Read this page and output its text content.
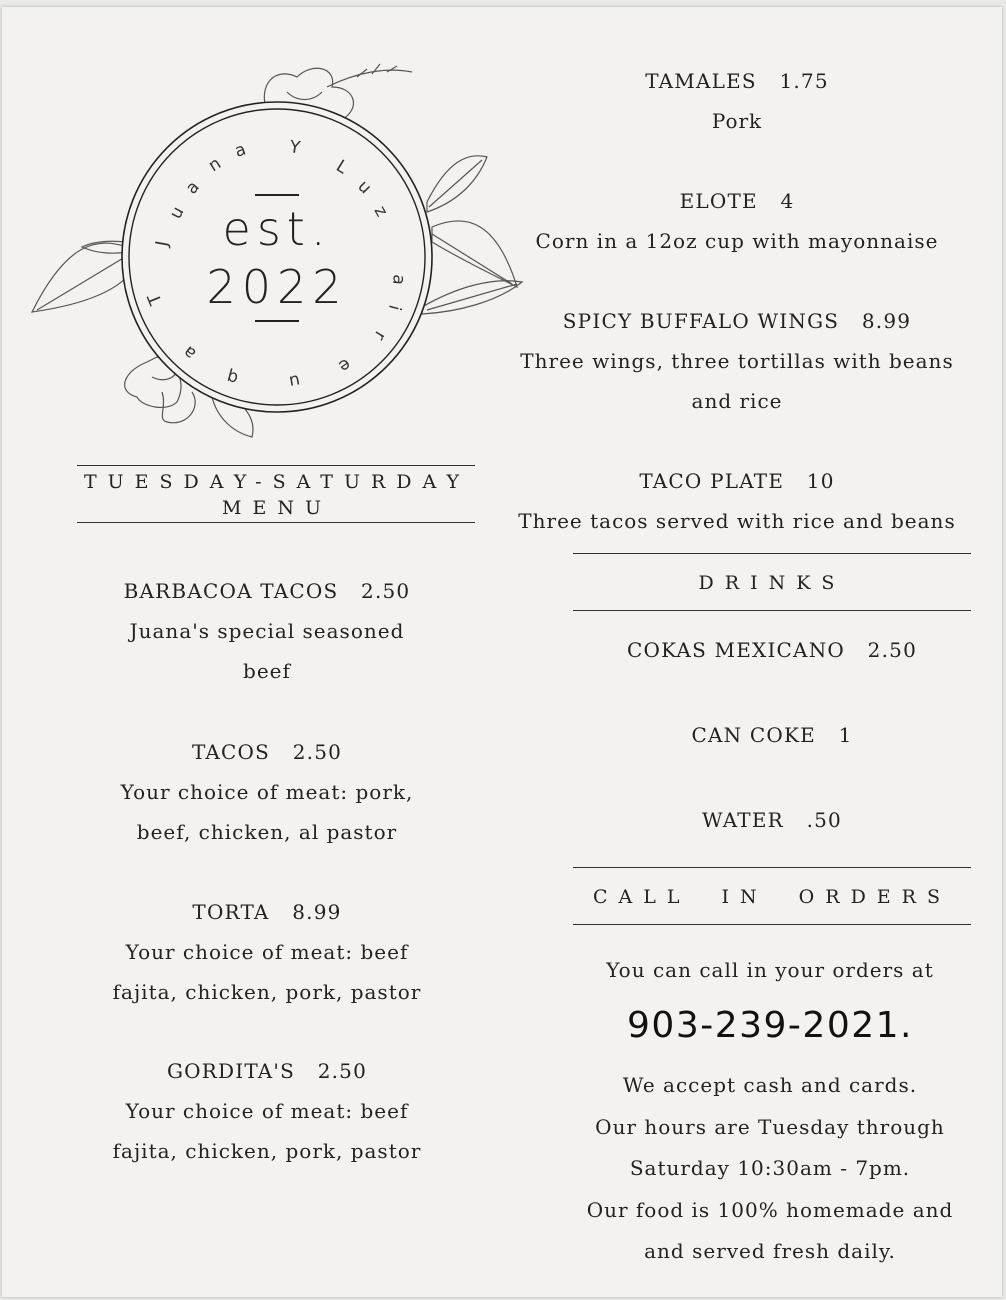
J
u
a
n
a Y
L
u
z
T
a
q	u
e
r
i
a
est.
2022
TUESDAY-SATURDAY
MENU
BARBACOA TACOS   2.50
Juana's special seasoned
beef
TACOS   2.50
Your choice of meat: pork,
beef, chicken, al pastor
TORTA   8.99
Your choice of meat: beef
fajita, chicken, pork, pastor
GORDITA'S   2.50
Your choice of meat: beef
fajita, chicken, pork, pastor
TAMALES   1.75
Pork
ELOTE   4
Corn in a 12oz cup with mayonnaise
SPICY BUFFALO WINGS   8.99
Three wings, three tortillas with beans
and rice
TACO PLATE   10
Three tacos served with rice and beans
DRINKS
COKAS MEXICANO   2.50
CAN COKE   1
WATER   .50
CALL IN ORDERS
You can call in your orders at
903-239-2021.
We accept cash and cards.
Our hours are Tuesday through
Saturday 10:30am - 7pm.
Our food is 100% homemade and
and served fresh daily.
